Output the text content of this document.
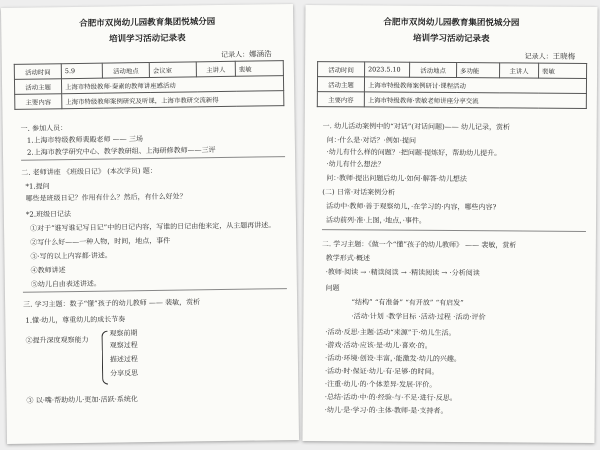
合肥市双岗幼儿园教育集团悦城分园
培训学习活动记录表
记录人：娜涵浩
活动时间	5.9	活动地点	会议室	主讲人	裴敏
活动主题	上海市特级教师·秦素的教师讲座感活动				
主要内容	上海市特级教师案例研究及听课，上海市教研交流新得				
一. 参加人员：
1.上海市特级教师裴殿老师 —— 三场
2.上海市教学研究中心、教学教研组、上海研修教师——三评
二. 老师讲座 《班级日记》 (本次学员) 题：
*1.提问
哪些是班级日记？作用有什么？然后，有什么好处？
*2.班级日记法
①对于“谁写谁记写日记”中的日记内容，写谁的日记由他来定，从主题再讲述。
②写什么好——一种人物，时间，地点，事件
③·写的以上内容都·讲述。
④教师讲述
⑤幼儿自由表述讲述。
三. 学习主题：数子“懂”孩子的幼儿教师 —— 裴敏，赏析
1.懂·幼儿，尊重幼儿的成长节奏
②提升深度观察能力
观察前期
观察过程
描述过程
分享反思
③ 以·嘴·帮助幼儿·更加·活跃·系统化
合肥市双岗幼儿园教育集团悦城分园
培训学习活动记录表
记录人：王晓梅
活动时间	2023.5.10	活动地点	多功能	主讲人	裴敏
活动主题	上海市特级教师案例研讨·课程活动				
主要内容	上海市特级教师·裴敏老师讲座分享交流				
一. 幼儿活动案例中的“对话”(对话问题)—— 幼儿记录，赏析
问：·什么是·对话？·例如·提问
·幼儿有什么样的问题？·把问题·提炼好，帮助幼儿提升。
·幼儿有什么想法？
问：·教师·提出问题后幼儿·如何·解答·幼儿想法
(二) 日常·对话案例分析
活动中·教师·善于观察幼儿，·在学习的·内容，哪些内容?
活动前列·准·上图，·地点，·事件。
二. 学习主题：《做一个“懂”孩子的幼儿教师》 —— 裴敏，赏析
教学形式·概述
·教师·阅读 → ·精读阅读 → ·精读阅读 → ·分析阅读
问题
“结构” “有准备” “有开放” “有启发”
·活动·计划 ·教学目标 ·活动·过程 ·活动·评价
·活动·反思·主题·活动“来源”于·幼儿生活。
·游戏·活动·应该·是·幼儿·喜欢·的。
·活动·环境·创设·丰富，·能激发·幼儿的兴趣。
·活动·时·保证·幼儿·有·足够·的时间。
·注重·幼儿·的·个体差异·发展·评价。
·总结·活动·中·的·经验·与·不足·进行·反思。
·幼儿·是·学习·的·主体·教师·是·支持者。
